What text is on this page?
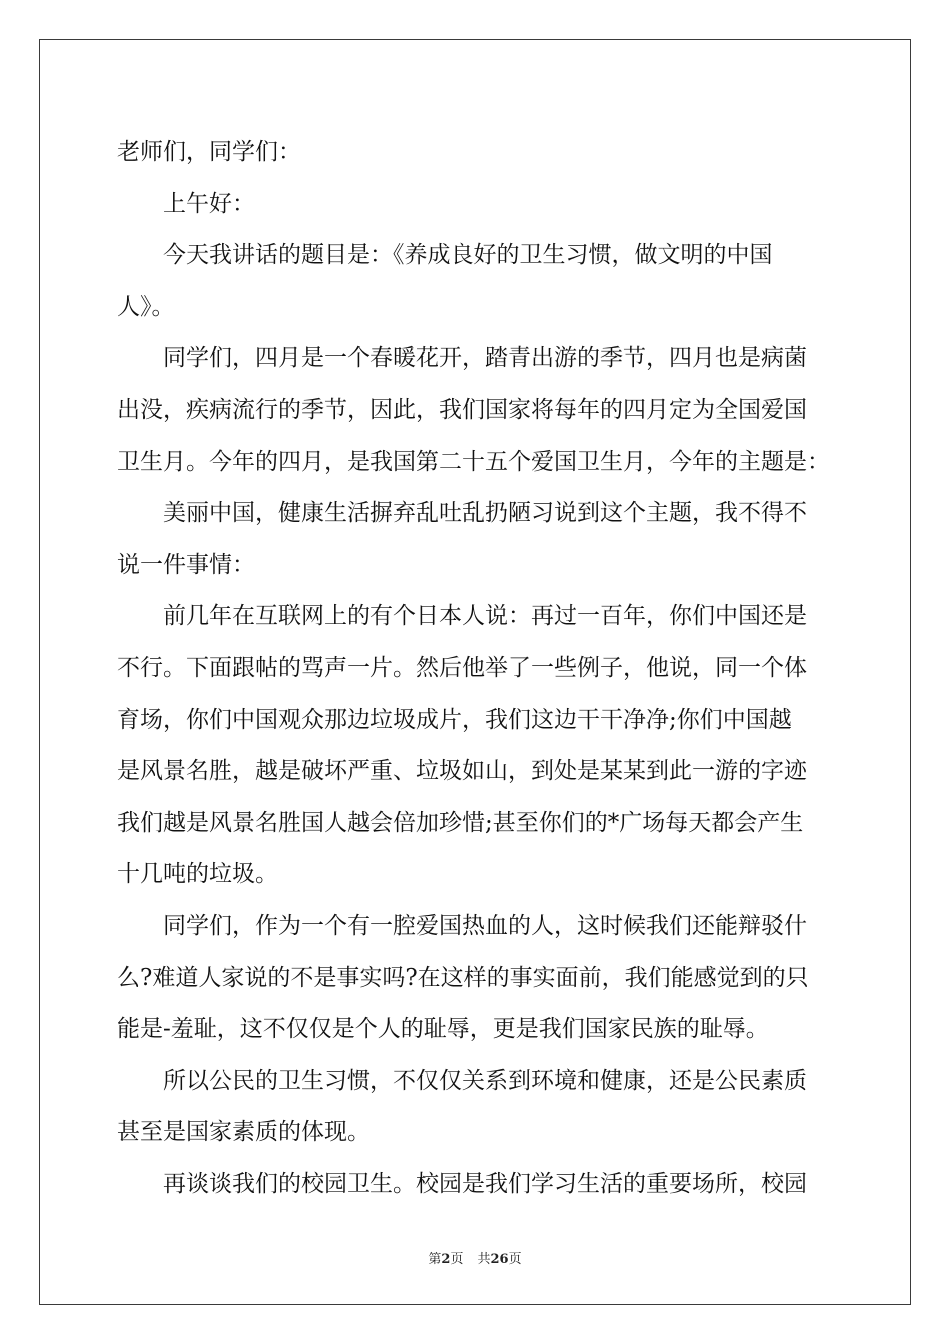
老师们，同学们：
上午好：
今天我讲话的题目是：《养成良好的卫生习惯，做文明的中国
人》。
同学们，四月是一个春暖花开，踏青出游的季节，四月也是病菌
出没，疾病流行的季节，因此，我们国家将每年的四月定为全国爱国
卫生月。今年的四月，是我国第二十五个爱国卫生月，今年的主题是：
美丽中国，健康生活摒弃乱吐乱扔陋习说到这个主题，我不得不
说一件事情：
前几年在互联网上的有个日本人说：再过一百年，你们中国还是
不行。下面跟帖的骂声一片。然后他举了一些例子，他说，同一个体
育场，你们中国观众那边垃圾成片，我们这边干干净净;你们中国越
是风景名胜，越是破坏严重、垃圾如山，到处是某某到此一游的字迹
我们越是风景名胜国人越会倍加珍惜;甚至你们的*广场每天都会产生
十几吨的垃圾。
同学们，作为一个有一腔爱国热血的人，这时候我们还能辩驳什
么?难道人家说的不是事实吗?在这样的事实面前，我们能感觉到的只
能是-羞耻，这不仅仅是个人的耻辱，更是我们国家民族的耻辱。
所以公民的卫生习惯，不仅仅关系到环境和健康，还是公民素质
甚至是国家素质的体现。
再谈谈我们的校园卫生。校园是我们学习生活的重要场所，校园
第2页 共26页
